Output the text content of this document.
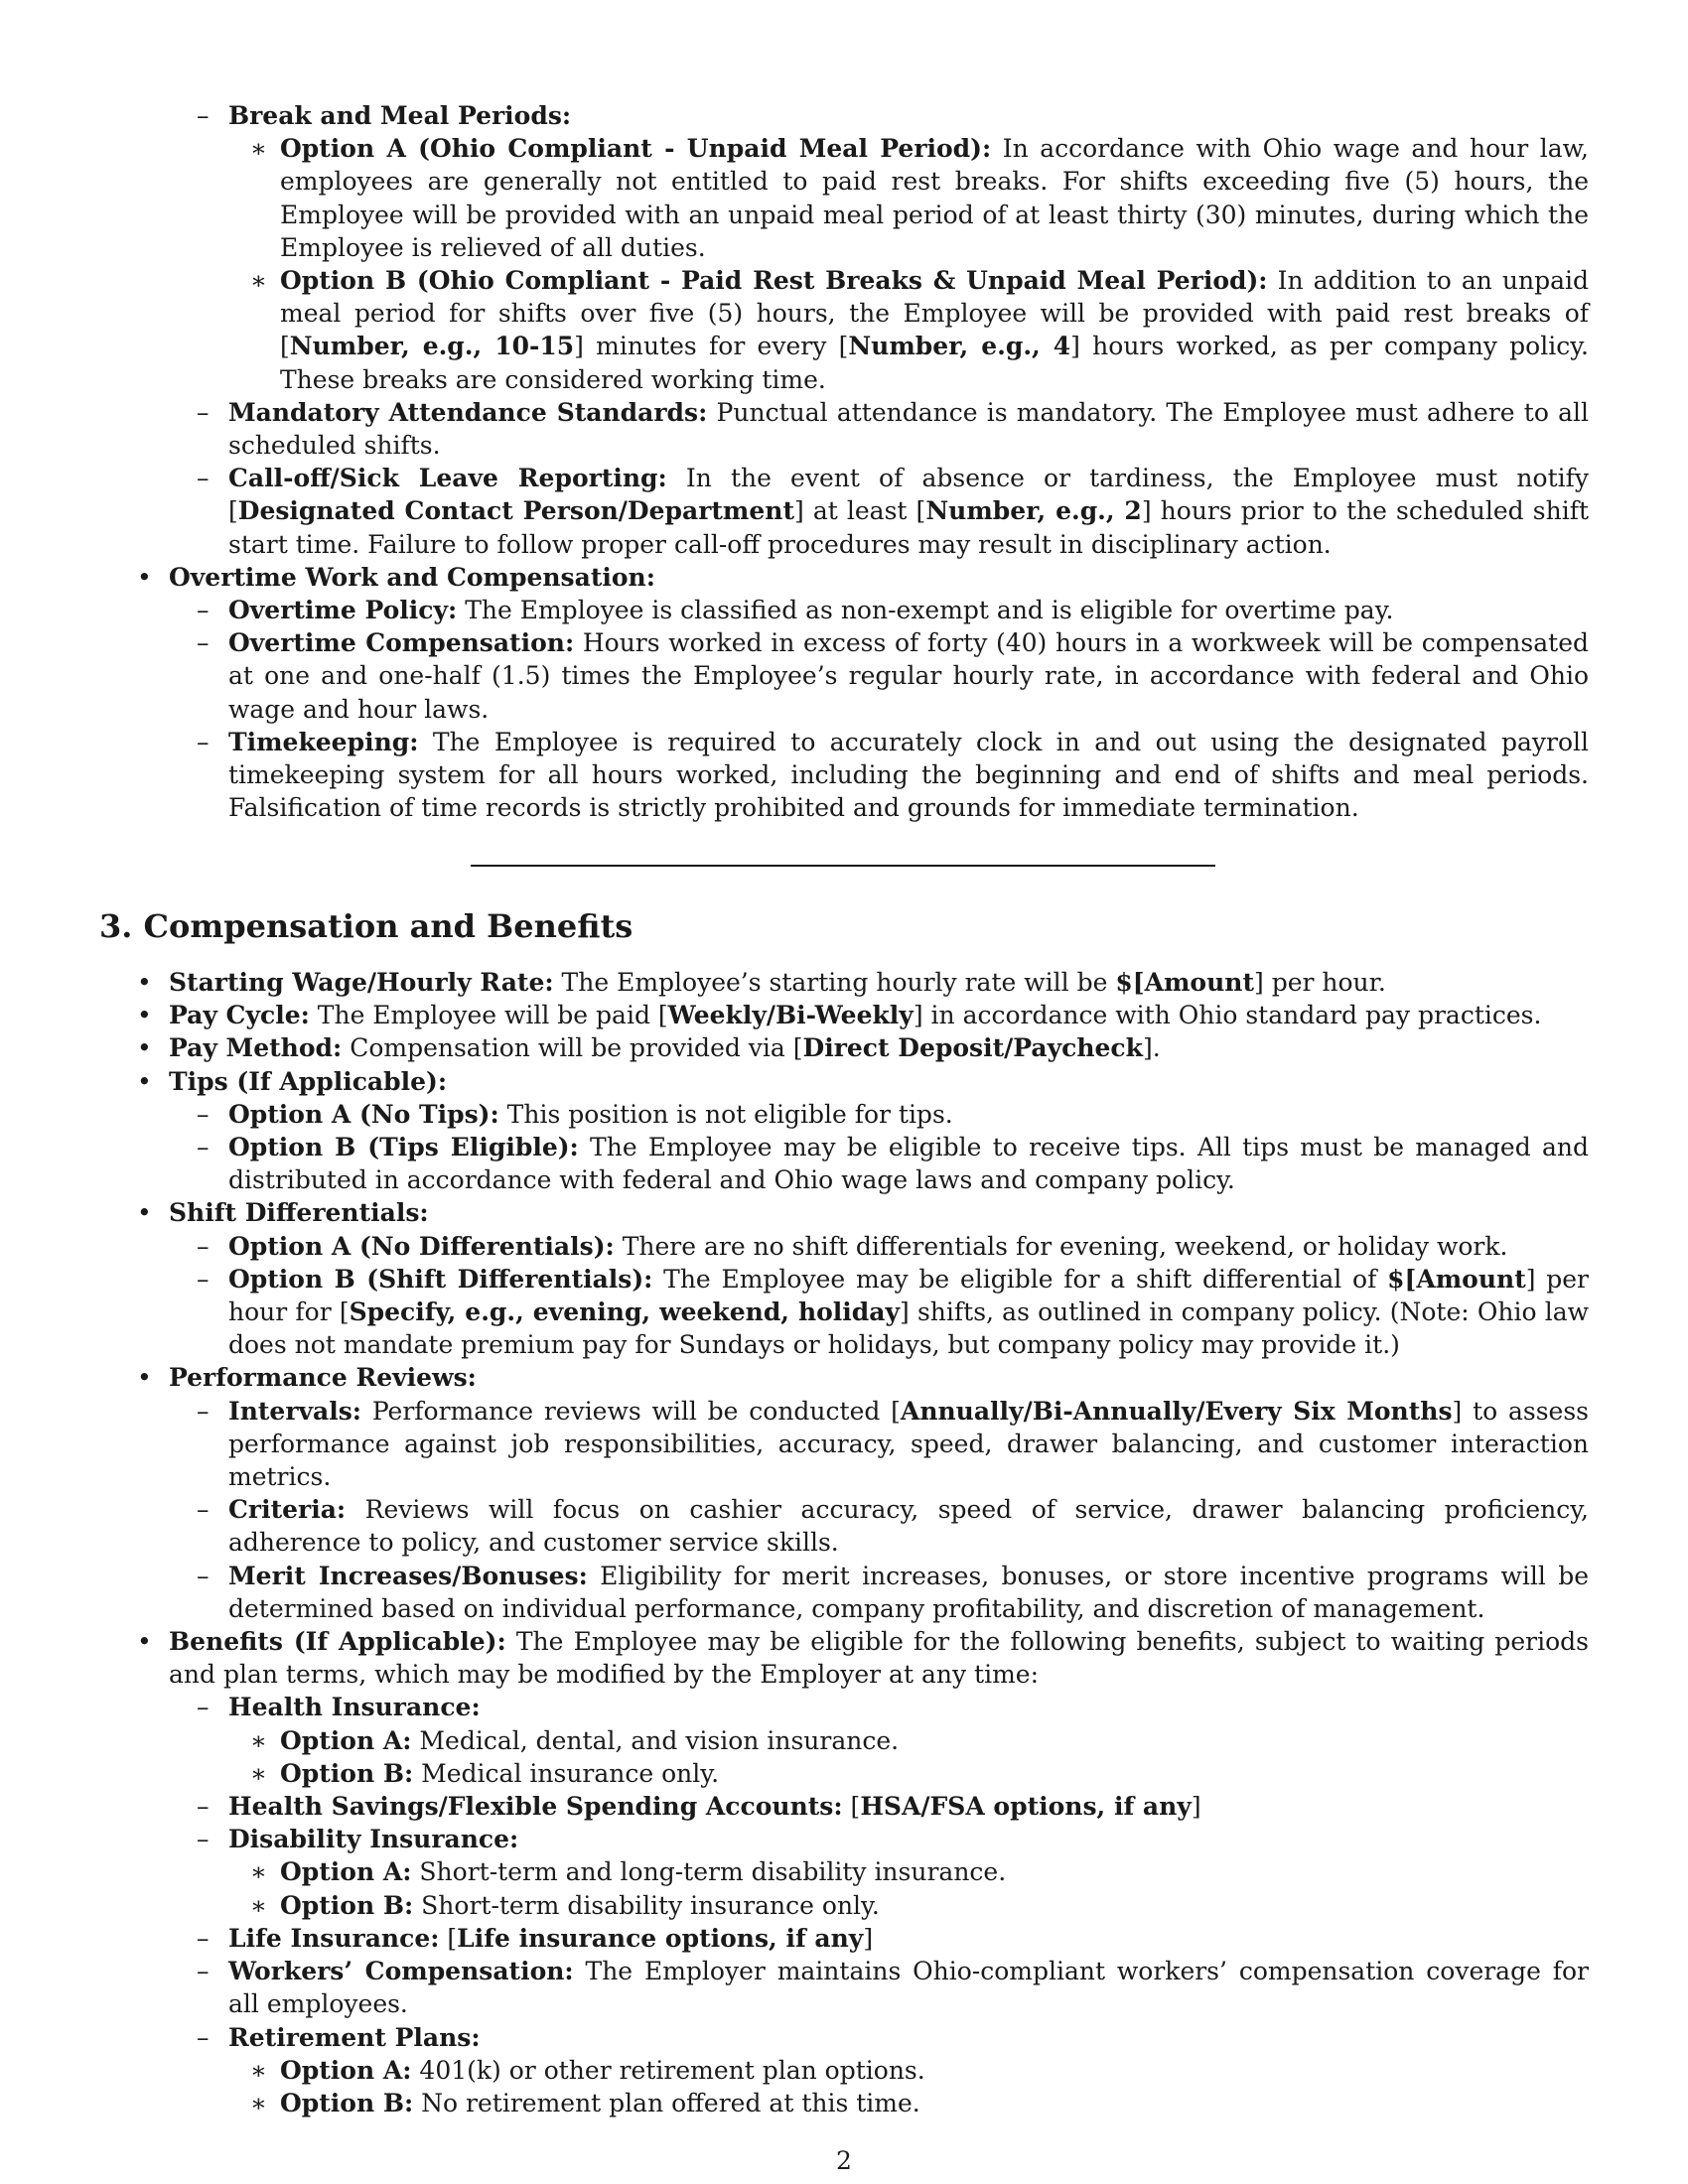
– Break and Meal Periods:
∗ Option A (Ohio Compliant - Unpaid Meal Period): In accordance with Ohio wage and hour law, employees are generally not entitled to paid rest breaks. For shifts exceeding five (5) hours, the Employee will be provided with an unpaid meal period of at least thirty (30) minutes, during which the Employee is relieved of all duties.
∗ Option B (Ohio Compliant - Paid Rest Breaks & Unpaid Meal Period): In addition to an unpaid meal period for shifts over five (5) hours, the Employee will be provided with paid rest breaks of [Number, e.g., 10-15] minutes for every [Number, e.g., 4] hours worked, as per company policy. These breaks are considered working time.
– Mandatory Attendance Standards: Punctual attendance is mandatory. The Employee must adhere to all scheduled shifts.
– Call-off/Sick Leave Reporting: In the event of absence or tardiness, the Employee must notify [Designated Contact Person/Department] at least [Number, e.g., 2] hours prior to the scheduled shift start time. Failure to follow proper call-off procedures may result in disciplinary action.
• Overtime Work and Compensation:
– Overtime Policy: The Employee is classified as non-exempt and is eligible for overtime pay.
– Overtime Compensation: Hours worked in excess of forty (40) hours in a workweek will be compensated at one and one-half (1.5) times the Employee’s regular hourly rate, in accordance with federal and Ohio wage and hour laws.
– Timekeeping: The Employee is required to accurately clock in and out using the designated payroll timekeeping system for all hours worked, including the beginning and end of shifts and meal periods. Falsification of time records is strictly prohibited and grounds for immediate termination.
3. Compensation and Benefits
• Starting Wage/Hourly Rate: The Employee’s starting hourly rate will be $[Amount] per hour.
• Pay Cycle: The Employee will be paid [Weekly/Bi-Weekly] in accordance with Ohio standard pay practices.
• Pay Method: Compensation will be provided via [Direct Deposit/Paycheck].
• Tips (If Applicable):
– Option A (No Tips): This position is not eligible for tips.
– Option B (Tips Eligible): The Employee may be eligible to receive tips. All tips must be managed and distributed in accordance with federal and Ohio wage laws and company policy.
• Shift Differentials:
– Option A (No Differentials): There are no shift differentials for evening, weekend, or holiday work.
– Option B (Shift Differentials): The Employee may be eligible for a shift differential of $[Amount] per hour for [Specify, e.g., evening, weekend, holiday] shifts, as outlined in company policy. (Note: Ohio law does not mandate premium pay for Sundays or holidays, but company policy may provide it.)
• Performance Reviews:
– Intervals: Performance reviews will be conducted [Annually/Bi-Annually/Every Six Months] to assess performance against job responsibilities, accuracy, speed, drawer balancing, and customer interaction metrics.
– Criteria: Reviews will focus on cashier accuracy, speed of service, drawer balancing proficiency, adherence to policy, and customer service skills.
– Merit Increases/Bonuses: Eligibility for merit increases, bonuses, or store incentive programs will be determined based on individual performance, company profitability, and discretion of management.
• Benefits (If Applicable): The Employee may be eligible for the following benefits, subject to waiting periods and plan terms, which may be modified by the Employer at any time:
– Health Insurance:
∗ Option A: Medical, dental, and vision insurance.
∗ Option B: Medical insurance only.
– Health Savings/Flexible Spending Accounts: [HSA/FSA options, if any]
– Disability Insurance:
∗ Option A: Short-term and long-term disability insurance.
∗ Option B: Short-term disability insurance only.
– Life Insurance: [Life insurance options, if any]
– Workers’ Compensation: The Employer maintains Ohio-compliant workers’ compensation coverage for all employees.
– Retirement Plans:
∗ Option A: 401(k) or other retirement plan options.
∗ Option B: No retirement plan offered at this time.
2
